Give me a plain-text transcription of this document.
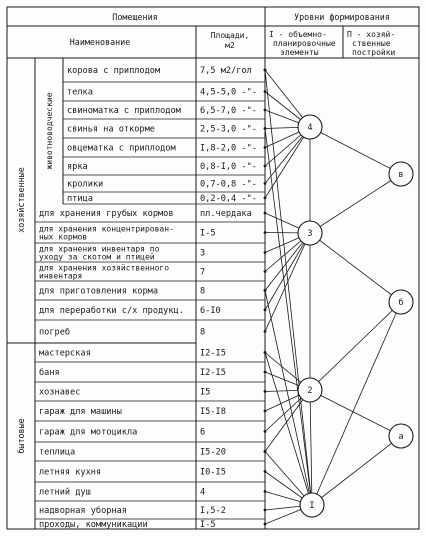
Помещения	Уровни формирования
Наименование
Площади,
м2
I - объемно-
планировочные
элементы
П - хозяй-
ственные
постройки
хозяйственные
животноводческие
бытовые
корова с приплодом	7,5 м2/гол
телка	4,5-5,0 -"-
свиноматка с приплодом 6,5-7,0 -"-
свинья на откорме	2,5-3,0 -"-
овцематка с приплодом	I,8-2,0 -"-
ярка	0,8-I,0 -"-
кролики	0,7-0,8 -"-
птица	0,2-0,4 -"-
для хранения грубых кормов	пл.чердака
для хранения концентрирован-
ных кормов	I-5
для хранения инвентаря по
уходу за скотом и птицей	3
для хранения хозяйственного
инвентаря	7
для приготовления корма	8
для переработки с/х продукц. 6-I0
погреб	8
мастерская	I2-I5
баня	I2-I5
хознавес	I5
гараж для машины	I5-I8
гараж для мотоцикла	6
теплица	I5-20
летняя кухня	I0-I5
летний душ	4
надворная уборная	I,5-2
проходы, коммуникации	I-5
4
3
2
I
в
б
а
